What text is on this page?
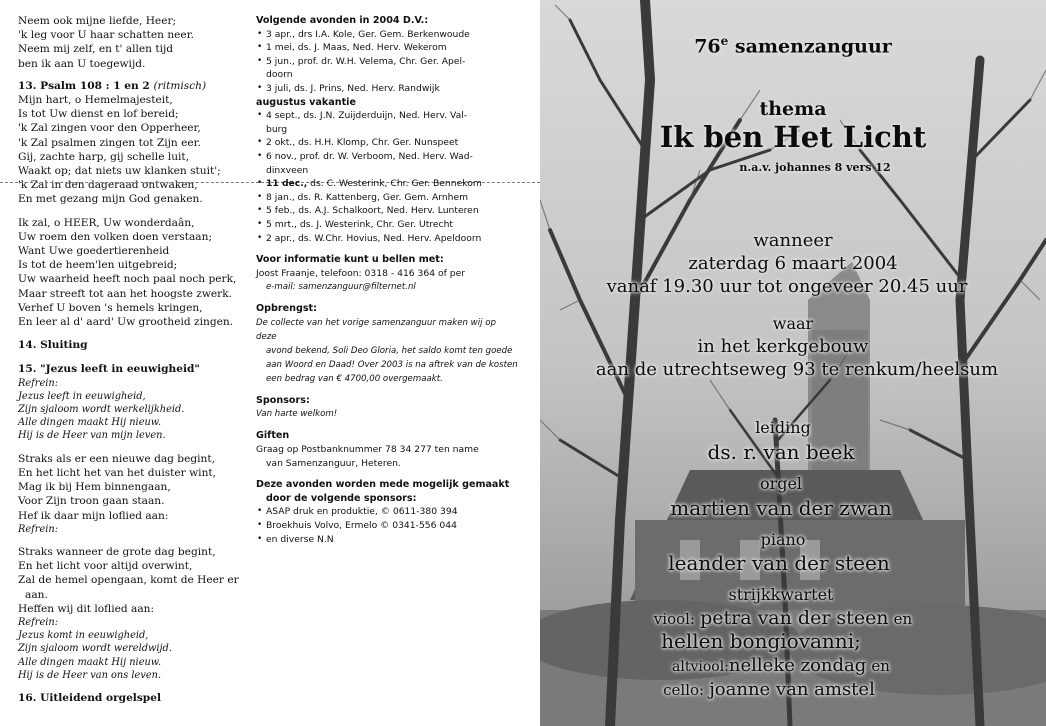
Neem ook mijne liefde, Heer;
'k leg voor U haar schatten neer.
Neem mij zelf, en t' allen tijd
ben ik aan U toegewijd.
13. Psalm 108 : 1 en 2 (ritmisch)
Mijn hart, o Hemelmajesteit,
Is tot Uw dienst en lof bereid;
'k Zal zingen voor den Opperheer,
'k Zal psalmen zingen tot Zijn eer.
Gij, zachte harp, gij schelle luit,
Waakt op; dat niets uw klanken stuit';
'k Zal in den dageraad ontwaken,
En met gezang mijn God genaken.
Ik zal, o HEER, Uw wonderdaân,
Uw roem den volken doen verstaan;
Want Uwe goedertierenheid
Is tot de heem'len uitgebreid;
Uw waarheid heeft noch paal noch perk,
Maar streeft tot aan het hoogste zwerk.
Verhef U boven 's hemels kringen,
En leer al d' aard' Uw grootheid zingen.
14. Sluiting
15. "Jezus leeft in eeuwigheid"
Refrein:
Jezus leeft in eeuwigheid,
Zijn sjaloom wordt werkelijkheid.
Alle dingen maakt Hij nieuw.
Hij is de Heer van mijn leven.
Straks als er een nieuwe dag begint,
En het licht het van het duister wint,
Mag ik bij Hem binnengaan,
Voor Zijn troon gaan staan.
Hef ik daar mijn loflied aan:
Refrein:
Straks wanneer de grote dag begint,
En het licht voor altijd overwint,
Zal de hemel opengaan, komt de Heer er
aan.
Heffen wij dit loflied aan:
Refrein:
Jezus komt in eeuwigheid,
Zijn sjaloom wordt wereldwijd.
Alle dingen maakt Hij nieuw.
Hij is de Heer van ons leven.
16. Uitleidend orgelspel
Volgende avonden in 2004 D.V.:
• 3 apr., drs I.A. Kole, Ger. Gem. Berkenwoude
• 1 mei, ds. J. Maas, Ned. Herv. Wekerom
• 5 jun., prof. dr. W.H. Velema, Chr. Ger. Apel-
doorn
• 3 juli, ds. J. Prins, Ned. Herv. Randwijk
augustus vakantie
• 4 sept., ds. J.N. Zuijderduijn, Ned. Herv. Val-
burg
• 2 okt., ds. H.H. Klomp, Chr. Ger. Nunspeet
• 6 nov., prof. dr. W. Verboom, Ned. Herv. Wad-
dinxveen
• 11 dec., ds. C. Westerink, Chr. Ger. Bennekom
• 8 jan., ds. R. Kattenberg, Ger. Gem. Arnhem
• 5 feb., ds. A.J. Schalkoort, Ned. Herv. Lunteren
• 5 mrt., ds. J. Westerink, Chr. Ger. Utrecht
• 2 apr., ds. W.Chr. Hovius, Ned. Herv. Apeldoorn
Voor informatie kunt u bellen met:
Joost Fraanje, telefoon: 0318 - 416 364 of per
e-mail: samenzanguur@filternet.nl
Opbrengst:
De collecte van het vorige samenzanguur maken wij op deze
avond bekend, Soli Deo Gloria, het saldo komt ten goede
aan Woord en Daad! Over 2003 is na aftrek van de kosten
een bedrag van € 4700,00 overgemaakt.
Sponsors:
Van harte welkom!
Giften
Graag op Postbanknummer 78 34 277 ten name
van Samenzanguur, Heteren.
Deze avonden worden mede mogelijk gemaakt
door de volgende sponsors:
• ASAP druk en produktie, © 0611-380 394
• Broekhuis Volvo, Ermelo © 0341-556 044
• en diverse N.N
76e samenzanguur
thema
Ik ben Het Licht
n.a.v. johannes 8 vers 12
wanneer
zaterdag 6 maart 2004
vanaf 19.30 uur tot ongeveer 20.45 uur
waar
in het kerkgebouw
aan de utrechtseweg 93 te renkum/heelsum
leiding
ds. r. van beek
orgel
martien van der zwan
piano
leander van der steen
strijkkwartet
viool: petra van der steen en
hellen bongiovanni;
altviool:nelleke zondag en
cello: joanne van amstel
